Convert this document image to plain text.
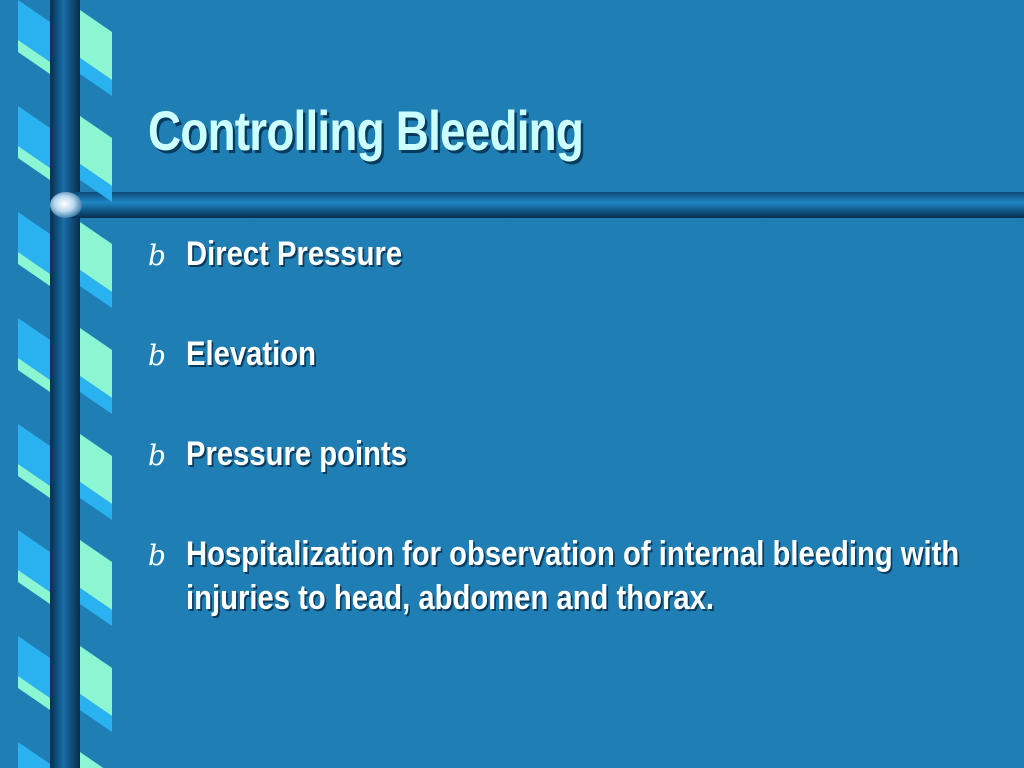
Controlling Bleeding
b Direct Pressure
b Elevation
b Pressure points
b Hospitalization for observation of internal bleeding with injuries to head, abdomen and thorax.
